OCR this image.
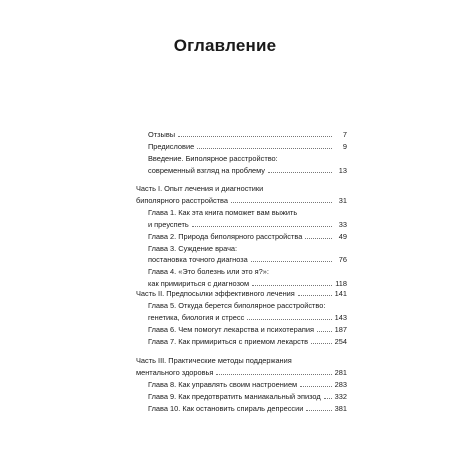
Оглавление
Отзывы	7
Предисловие	9
Введение. Биполярное расстройство:
современный взгляд на проблему	13
Часть I. Опыт лечения и диагностики
биполярного расстройства	31
Глава 1. Как эта книга поможет вам выжить
и преуспеть	33
Глава 2. Природа биполярного расстройства	49
Глава 3. Суждение врача:
постановка точного диагноза	76
Глава 4. «Это болезнь или это я?»:
как примириться с диагнозом	118
Часть II. Предпосылки эффективного лечения	141
Глава 5. Откуда берется биполярное расстройство:
генетика, биология и стресс	143
Глава 6. Чем помогут лекарства и психотерапия	187
Глава 7. Как примириться с приемом лекарств	254
Часть III. Практические методы поддержания
ментального здоровья	281
Глава 8. Как управлять своим настроением	283
Глава 9. Как предотвратить маниакальный эпизод 332
Глава 10. Как остановить спираль депрессии	381
